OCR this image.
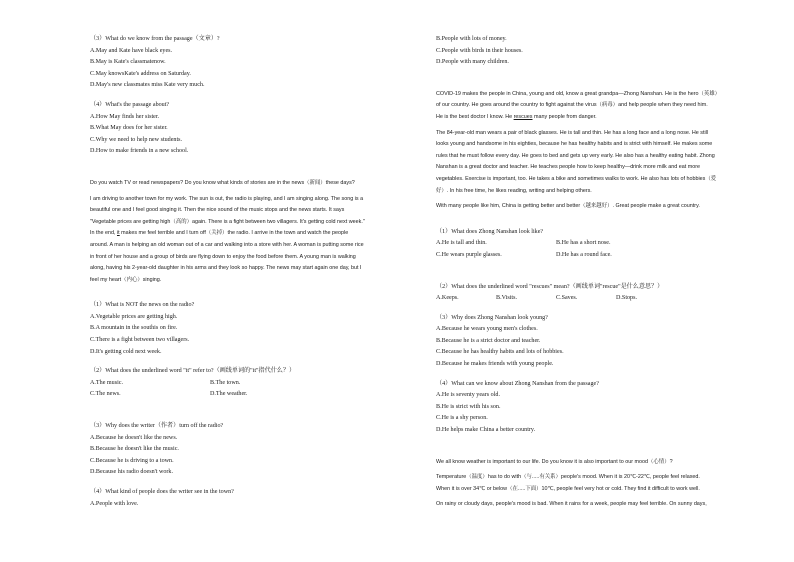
（3）What do we know from the passage（文章）?
A.May and Kate have black eyes.
B.May is Kate's classmatenow.
C.May knowsKate's address on Saturday.
D.May's new classmates miss Kate very much.
（4）What's the passage about?
A.How May finds her sister.
B.What May does for her sister.
C.Why we need to help new students.
D.How to make friends in a new school.
Do you watch TV or read newspapers? Do you know what kinds of stories are in the news（新闻）these days?
I am driving to another town for my work. The sun is out, the radio is playing, and I am singing along. The song is a
beautiful one and I feel good singing it. Then the nice sound of the music stops and the news starts. It says
"Vegetable prices are getting high（高的）again. There is a fight between two villagers. It's getting cold next week."
In the end, it makes me feel terrible and I turn off（关掉）the radio. I arrive in the town and watch the people
around. A man is helping an old woman out of a car and walking into a store with her. A woman is putting some rice
in front of her house and a group of birds are flying down to enjoy the food before them. A young man is walking
along, having his 2-year-old daughter in his arms and they look so happy. The news may start again one day, but I
feel my heart（内心）singing.
（1）What is NOT the news on the radio?
A.Vegetable prices are getting high.
B.A mountain in the southis on fire.
C.There is a fight between two villagers.
D.It's getting cold next week.
（2）What does the underlined word "it" refer to?（画线单词的"it"指代什么？）
A.The music.	B.The town.
C.The news.	D.The weather.
（3）Why does the writer（作者）turn off the radio?
A.Because he doesn't like the news.
B.Because he doesn't like the music.
C.Because he is driving to a town.
D.Because his radio doesn't work.
（4）What kind of people does the writer see in the town?
A.People with love.
B.People with lots of money.
C.People with birds in their houses.
D.People with many children.
COVID-19 makes the people in China, young and old, know a great grandpa—Zhong Nanshan. He is the hero（英雄）
of our country. He goes around the country to fight against the virus（病毒）and help people when they need him.
He is the best doctor I know. He rescues many people from danger.
The 84-year-old man wears a pair of black glasses. He is tall and thin. He has a long face and a long nose. He still
looks young and handsome in his eighties, because he has healthy habits and is strict with himself. He makes some
rules that he must follow every day. He goes to bed and gets up very early. He also has a healthy eating habit. Zhong
Nanshan is a great doctor and teacher. He teaches people how to keep healthy—drink more milk and eat more
vegetables. Exercise is important, too. He takes a bike and sometimes walks to work. He also has lots of hobbies（爱
好）. In his free time, he likes reading, writing and helping others.
With many people like him, China is getting better and better（越来越好）. Great people make a great country.
（1）What does Zhong Nanshan look like?
A.He is tall and thin.	B.He has a short nose.
C.He wears purple glasses.	D.He has a round face.
（2）What does the underlined word "rescues" mean?（画线单词"rescue"是什么意思？）
A.Keeps.	B.Visits.	C.Saves.	D.Stops.
（3）Why does Zhong Nanshan look young?
A.Because he wears young men's clothes.
B.Because he is a strict doctor and teacher.
C.Because he has healthy habits and lots of hobbies.
D.Because he makes friends with young people.
（4）What can we know about Zhong Nanshan from the passage?
A.He is seventy years old.
B.He is strict with his son.
C.He is a shy person.
D.He helps make China a better country.
We all know weather is important to our life. Do you know it is also important to our mood（心情）?
Temperature（温度）has to do with（与.....有关系）people's mood. When it is 20℃-22℃, people feel relaxed.
When it is over 34℃ or below（在.....下面）10℃, people feel very hot or cold. They find it difficult to work well.
On rainy or cloudy days, people's mood is bad. When it rains for a week, people may feel terrible. On sunny days,
